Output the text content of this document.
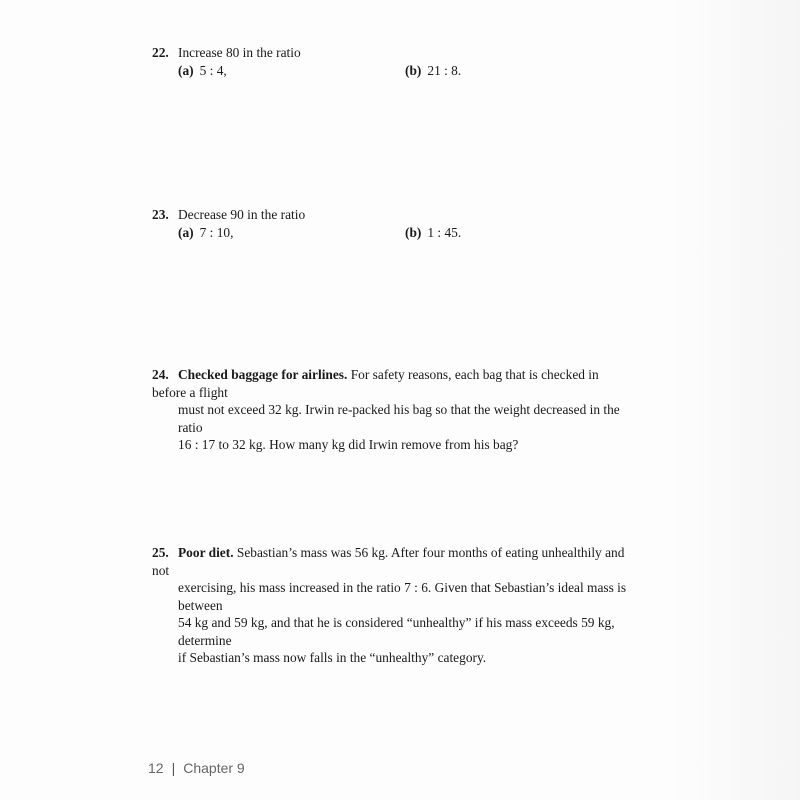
22. Increase 80 in the ratio
(a) 5 : 4,	(b) 21 : 8.
23. Decrease 90 in the ratio
(a) 7 : 10,	(b) 1 : 45.
24. Checked baggage for airlines. For safety reasons, each bag that is checked in before a flight
must not exceed 32 kg. Irwin re-packed his bag so that the weight decreased in the ratio
16 : 17 to 32 kg. How many kg did Irwin remove from his bag?
25. Poor diet. Sebastian’s mass was 56 kg. After four months of eating unhealthily and not
exercising, his mass increased in the ratio 7 : 6. Given that Sebastian’s ideal mass is between
54 kg and 59 kg, and that he is considered “unhealthy” if his mass exceeds 59 kg, determine
if Sebastian’s mass now falls in the “unhealthy” category.
12 | Chapter 9
